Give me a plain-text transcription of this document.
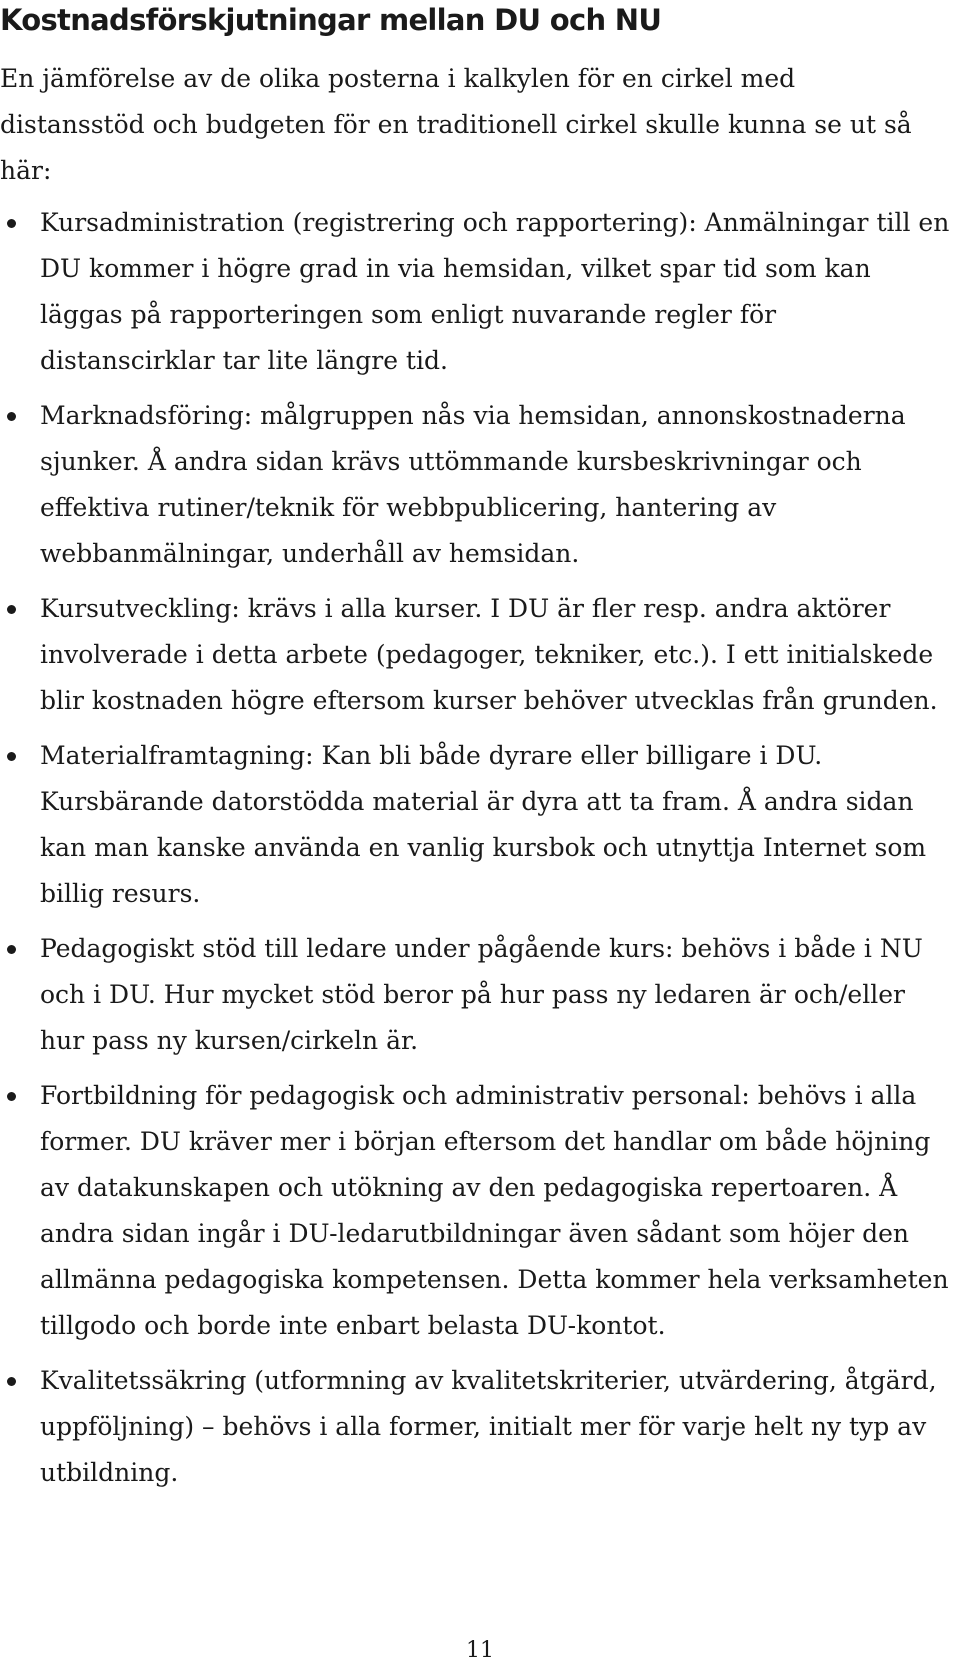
Kostnadsförskjutningar mellan DU och NU

En jämförelse av de olika posterna i kalkylen för en cirkel med distansstöd och budgeten för en traditionell cirkel skulle kunna se ut så här:

Kursadministration (registrering och rapportering): Anmälningar till en DU kommer i högre grad in via hemsidan, vilket spar tid som kan läggas på rapporteringen som enligt nuvarande regler för distanscirklar tar lite längre tid.
Marknadsföring: målgruppen nås via hemsidan, annonskostnaderna sjunker. Å andra sidan krävs uttömmande kursbeskrivningar och effektiva rutiner/teknik för webbpublicering, hantering av webbanmälningar, underhåll av hemsidan.
Kursutveckling: krävs i alla kurser. I DU är fler resp. andra aktörer involverade i detta arbete (pedagoger, tekniker, etc.). I ett initialskede blir kostnaden högre eftersom kurser behöver utvecklas från grunden.
Materialframtagning: Kan bli både dyrare eller billigare i DU. Kursbärande datorstödda material är dyra att ta fram. Å andra sidan kan man kanske använda en vanlig kursbok och utnyttja Internet som billig resurs.
Pedagogiskt stöd till ledare under pågående kurs: behövs i både i NU och i DU. Hur mycket stöd beror på hur pass ny ledaren är och/eller hur pass ny kursen/cirkeln är.
Fortbildning för pedagogisk och administrativ personal: behövs i alla former. DU kräver mer i början eftersom det handlar om både höjning av datakunskapen och utökning av den pedagogiska repertoaren. Å andra sidan ingår i DU-ledarutbildningar även sådant som höjer den allmänna pedagogiska kompetensen. Detta kommer hela verksamheten tillgodo och borde inte enbart belasta DU-kontot.
Kvalitetssäkring (utformning av kvalitetskriterier, utvärdering, åtgärd, uppföljning) – behövs i alla former, initialt mer för varje helt ny typ av utbildning.
11
